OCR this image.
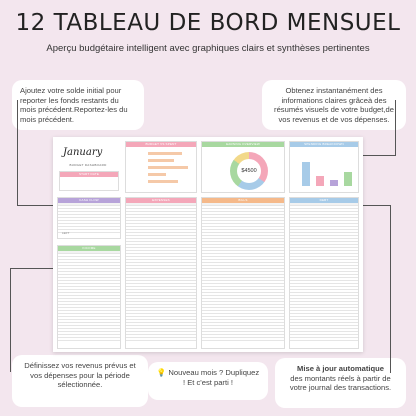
12 TABLEAU DE BORD MENSUEL
Aperçu budgétaire intelligent avec graphiques clairs et synthèses pertinentes
Ajoutez votre solde initial pour reporter les fonds restants du mois précédent.Reportez-les du mois précédent.
Obtenez instantanément des informations claires grâceà des résumés visuels de votre budget,de vos revenus et de vos dépenses.
Définissez vos revenus prévus et vos dépenses pour la période sélectionnée.
💡 Nouveau mois ? Dupliquez ! Et c'est parti !
Mise à jour automatique
des montants réels à partir de votre journal des transactions.
January
BUDGET DASHBOARD
START DATE
BUDGET VS SPENT	EARNING OVERVIEW
$4500
SPENDING BREAKDOWN
CASH FLOW
LEFT
INCOME
EXPENSES	BILLS	DEBT
